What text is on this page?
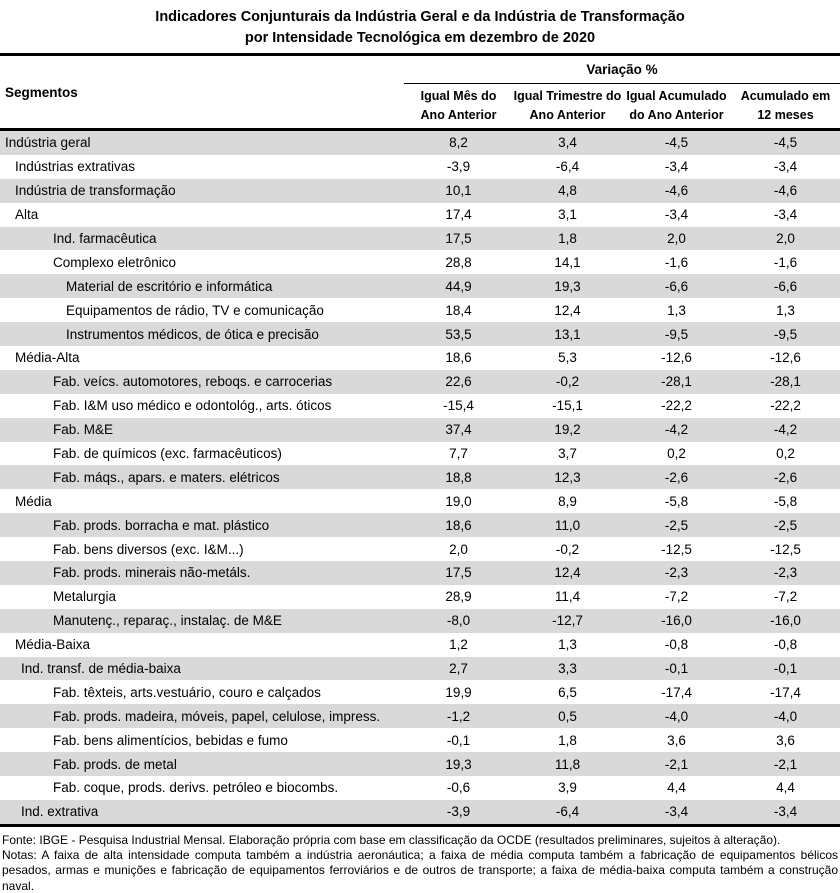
Indicadores Conjunturais da Indústria Geral e da Indústria de Transformação
por Intensidade Tecnológica em dezembro de 2020
Segmentos
Variação %
Igual Mês do
Ano Anterior
Igual Trimestre do
Ano Anterior
Igual Acumulado
do Ano Anterior
Acumulado em
12 meses
Indústria geral	8,2	3,4	-4,5	-4,5
Indústrias extrativas	-3,9	-6,4	-3,4	-3,4
Indústria de transformação	10,1	4,8	-4,6	-4,6
Alta	17,4	3,1	-3,4	-3,4
Ind. farmacêutica	17,5	1,8	2,0	2,0
Complexo eletrônico	28,8	14,1	-1,6	-1,6
Material de escritório e informática	44,9	19,3	-6,6	-6,6
Equipamentos de rádio, TV e comunicação	18,4	12,4	1,3	1,3
Instrumentos médicos, de ótica e precisão	53,5	13,1	-9,5	-9,5
Média-Alta	18,6	5,3	-12,6	-12,6
Fab. veícs. automotores, reboqs. e carrocerias	22,6	-0,2	-28,1	-28,1
Fab. I&M uso médico e odontológ., arts. óticos	-15,4	-15,1	-22,2	-22,2
Fab. M&E	37,4	19,2	-4,2	-4,2
Fab. de químicos (exc. farmacêuticos)	7,7	3,7	0,2	0,2
Fab. máqs., apars. e maters. elétricos	18,8	12,3	-2,6	-2,6
Média	19,0	8,9	-5,8	-5,8
Fab. prods. borracha e mat. plástico	18,6	11,0	-2,5	-2,5
Fab. bens diversos (exc. I&M...)	2,0	-0,2	-12,5	-12,5
Fab. prods. minerais não-metáls.	17,5	12,4	-2,3	-2,3
Metalurgia	28,9	11,4	-7,2	-7,2
Manutenç., reparaç., instalaç. de M&E	-8,0	-12,7	-16,0	-16,0
Média-Baixa	1,2	1,3	-0,8	-0,8
Ind. transf. de média-baixa	2,7	3,3	-0,1	-0,1
Fab. têxteis, arts.vestuário, couro e calçados	19,9	6,5	-17,4	-17,4
Fab. prods. madeira, móveis, papel, celulose, impress.	-1,2	0,5	-4,0	-4,0
Fab. bens alimentícios, bebidas e fumo	-0,1	1,8	3,6	3,6
Fab. prods. de metal	19,3	11,8	-2,1	-2,1
Fab. coque, prods. derivs. petróleo e biocombs.	-0,6	3,9	4,4	4,4
Ind. extrativa	-3,9	-6,4	-3,4	-3,4
Fonte: IBGE - Pesquisa Industrial Mensal. Elaboração própria com base em classificação da OCDE (resultados preliminares, sujeitos à alteração).
Notas: A faixa de alta intensidade computa também a indústria aeronáutica; a faixa de média computa também a fabricação de equipamentos bélicos pesados, armas e munições e fabricação de equipamentos ferroviários e de outros de transporte; a faixa de média-baixa computa também a construção naval.
